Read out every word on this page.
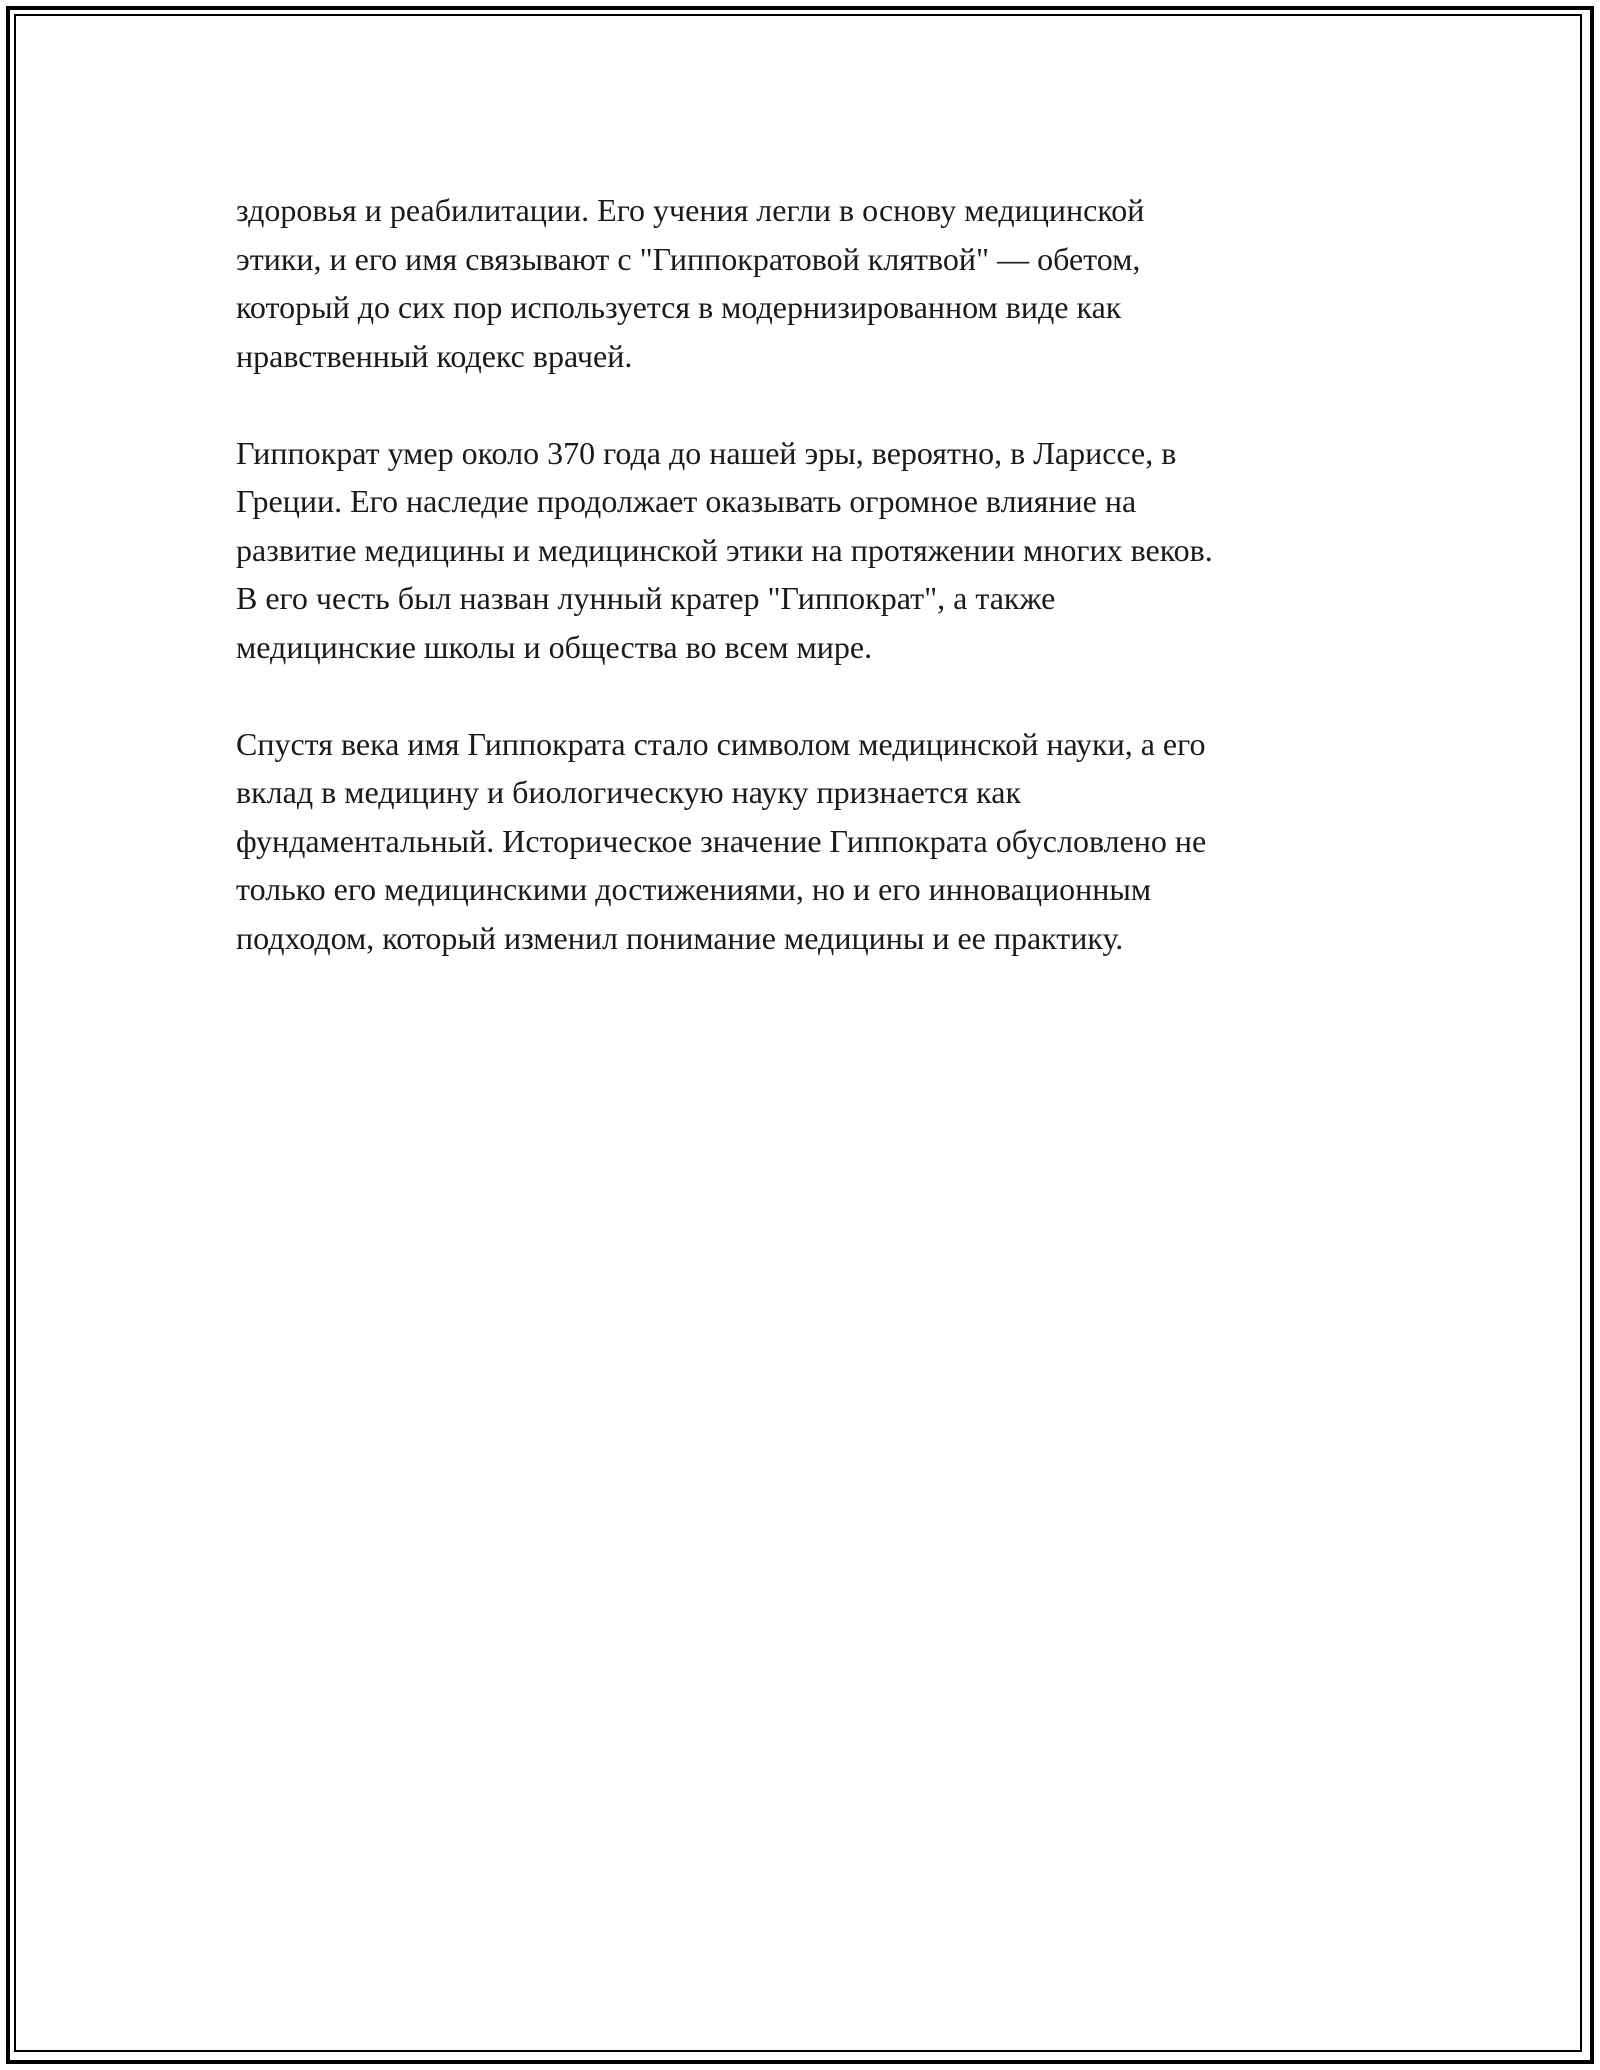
здоровья и реабилитации. Его учения легли в основу медицинской
этики, и его имя связывают с "Гиппократовой клятвой" — обетом,
который до сих пор используется в модернизированном виде как
нравственный кодекс врачей.
Гиппократ умер около 370 года до нашей эры, вероятно, в Лариссе, в
Греции. Его наследие продолжает оказывать огромное влияние на
развитие медицины и медицинской этики на протяжении многих веков.
В его честь был назван лунный кратер "Гиппократ", а также
медицинские школы и общества во всем мире.
Спустя века имя Гиппократа стало символом медицинской науки, а его
вклад в медицину и биологическую науку признается как
фундаментальный. Историческое значение Гиппократа обусловлено не
только его медицинскими достижениями, но и его инновационным
подходом, который изменил понимание медицины и ее практику.
